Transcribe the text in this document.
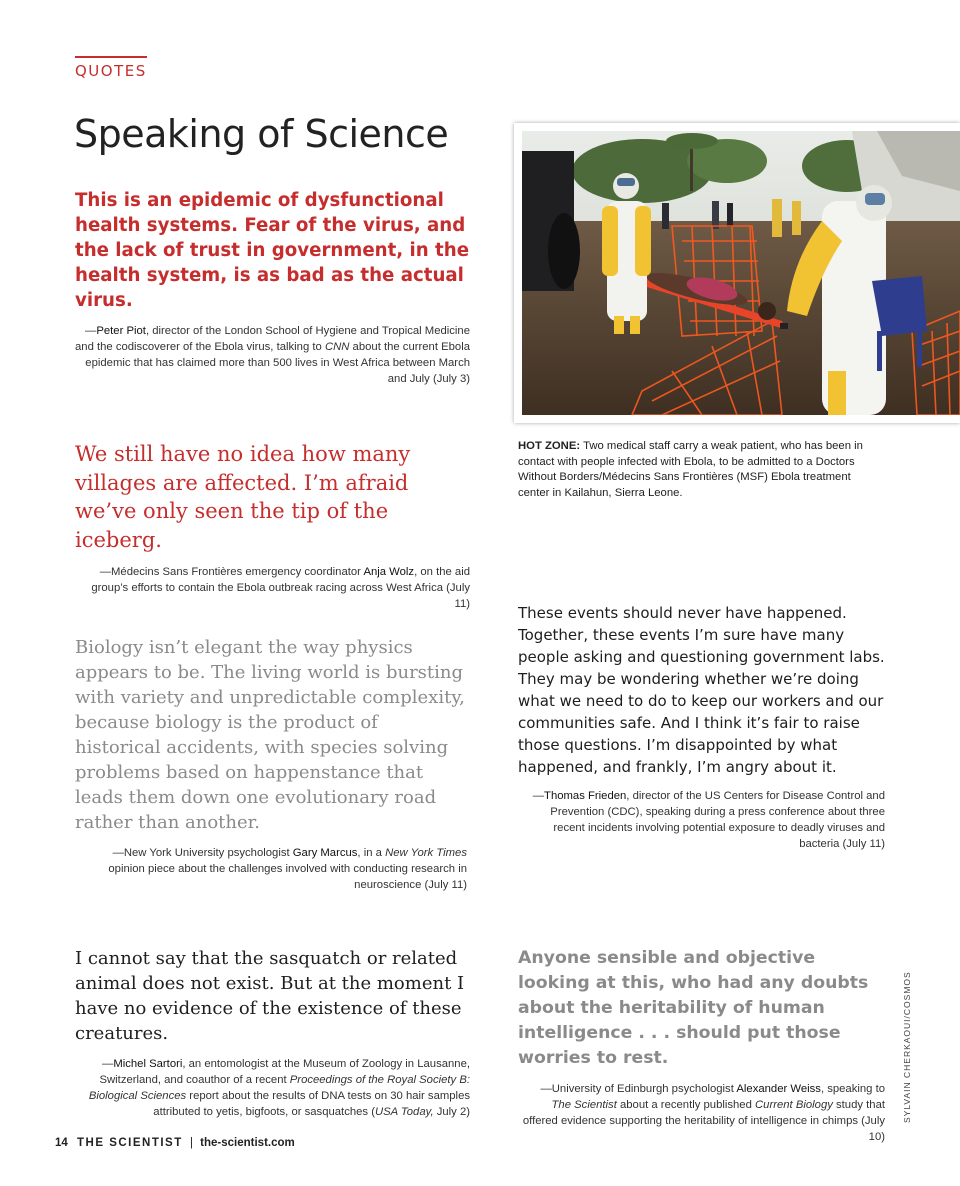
QUOTES
Speaking of Science

This is an epidemic of dysfunctional health systems. Fear of the virus, and the lack of trust in government, in the health system, is as bad as the actual virus.

—Peter Piot, director of the London School of Hygiene and Tropical Medicine and the codiscoverer of the Ebola virus, talking to CNN about the current Ebola epidemic that has claimed more than 500 lives in West Africa between March and July (July 3)

We still have no idea how many villages are affected. I’m afraid we’ve only seen the tip of the iceberg.

—Médecins Sans Frontières emergency coordinator Anja Wolz, on the aid group’s efforts to contain the Ebola outbreak racing across West Africa (July 11)

Biology isn’t elegant the way physics appears to be. The living world is bursting with variety and unpredictable complexity, because biology is the product of historical accidents, with species solving problems based on happenstance that leads them down one evolutionary road rather than another.

—New York University psychologist Gary Marcus, in a New York Times opinion piece about the challenges involved with conducting research in neuroscience (July 11)

I cannot say that the sasquatch or related animal does not exist. But at the moment I have no evidence of the existence of these creatures.

—Michel Sartori, an entomologist at the Museum of Zoology in Lausanne, Switzerland, and coauthor of a recent Proceedings of the Royal Society B: Biological Sciences report about the results of DNA tests on 30 hair samples attributed to yetis, bigfoots, or sasquatches (USA Today, July 2)

These events should never have happened. Together, these events I’m sure have many people asking and questioning government labs. They may be wondering whether we’re doing what we need to do to keep our workers and our communities safe. And I think it’s fair to raise those questions. I’m disappointed by what happened, and frankly, I’m angry about it.

—Thomas Frieden, director of the US Centers for Disease Control and Prevention (CDC), speaking during a press conference about three recent incidents involving potential exposure to deadly viruses and bacteria (July 11)

Anyone sensible and objective looking at this, who had any doubts about the heritability of human intelligence . . . should put those worries to rest.

—University of Edinburgh psychologist Alexander Weiss, speaking to The Scientist about a recently published Current Biology study that offered evidence supporting the heritability of intelligence in chimps (July 10)

HOT ZONE: Two medical staff carry a weak patient, who has been in contact with people infected with Ebola, to be admitted to a Doctors Without Borders/Médecins Sans Frontières (MSF) Ebola treatment center in Kailahun, Sierra Leone.

SYLVAIN CHERKAOUI/COSMOS
14 THE SCIENTIST | the-scientist.com
